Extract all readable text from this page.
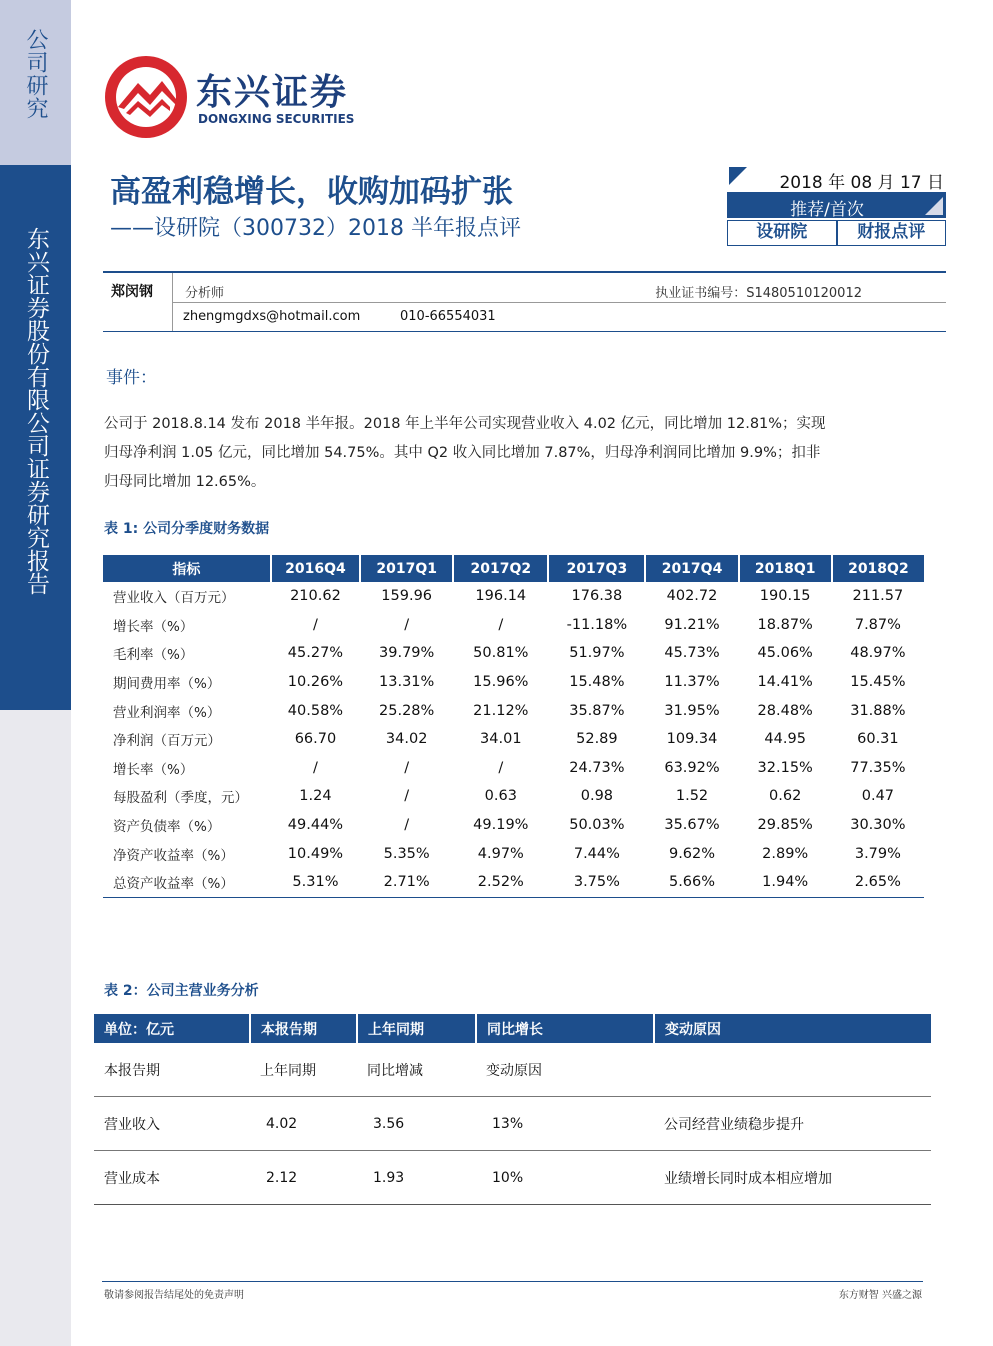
公司研究
东兴证券股份有限公司证券研究报告
东兴证券
DONGXING SECURITIES
高盈利稳增长，收购加码扩张
——设研院（300732）2018 半年报点评
2018 年 08 月 17 日
推荐/首次
设研院	财报点评
郑闵钢 分析师	执业证书编号：S1480510120012
zhengmgdxs@hotmail.com	010-66554031
事件：
公司于 2018.8.14 发布 2018 半年报。2018 年上半年公司实现营业收入 4.02 亿元，同比增加 12.81%；实现
归母净利润 1.05 亿元，同比增加 54.75%。其中 Q2 收入同比增加 7.87%，归母净利润同比增加 9.9%；扣非
归母同比增加 12.65%。
表 1: 公司分季度财务数据
指标	2016Q4	2017Q1	2017Q2	2017Q3	2017Q4	2018Q1	2018Q2
营业收入（百万元）	210.62	159.96	196.14	176.38	402.72	190.15	211.57
增长率（%）	/	/	/	-11.18%	91.21%	18.87%	7.87%
毛利率（%）	45.27%	39.79%	50.81%	51.97%	45.73%	45.06%	48.97%
期间费用率（%）	10.26%	13.31%	15.96%	15.48%	11.37%	14.41%	15.45%
营业利润率（%）	40.58%	25.28%	21.12%	35.87%	31.95%	28.48%	31.88%
净利润（百万元）	66.70	34.02	34.01	52.89	109.34	44.95	60.31
增长率（%）	/	/	/	24.73%	63.92%	32.15%	77.35%
每股盈利（季度，元）	1.24	/	0.63	0.98	1.52	0.62	0.47
资产负债率（%）	49.44%	/	49.19%	50.03%	35.67%	29.85%	30.30%
净资产收益率（%）	10.49%	5.35%	4.97%	7.44%	9.62%	2.89%	3.79%
总资产收益率（%）	5.31%	2.71%	2.52%	3.75%	5.66%	1.94%	2.65%
表 2：公司主营业务分析
单位：亿元	本报告期	上年同期	同比增长	变动原因
本报告期	上年同期	同比增减	变动原因	
营业收入	4.02	3.56	13%	公司经营业绩稳步提升
营业成本	2.12	1.93	10%	业绩增长同时成本相应增加
敬请参阅报告结尾处的免责声明	东方财智 兴盛之源
